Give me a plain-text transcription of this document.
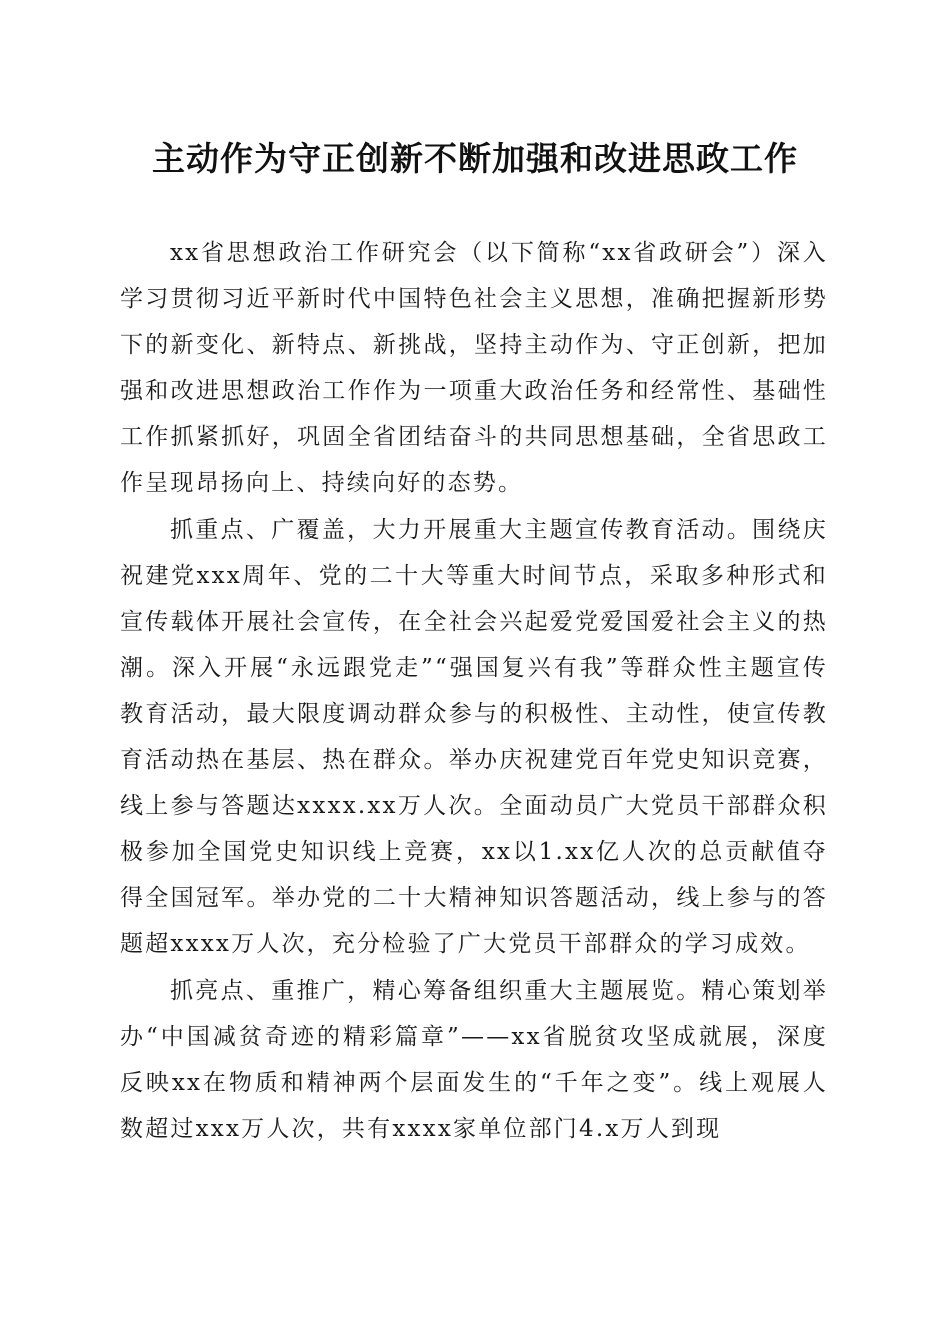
主动作为守正创新不断加强和改进思政工作

xx省思想政治工作研究会（以下简称“xx省政研会”）深入学习贯彻习近平新时代中国特色社会主义思想，准确把握新形势下的新变化、新特点、新挑战，坚持主动作为、守正创新，把加强和改进思想政治工作作为一项重大政治任务和经常性、基础性工作抓紧抓好，巩固全省团结奋斗的共同思想基础，全省思政工作呈现昂扬向上、持续向好的态势。

抓重点、广覆盖，大力开展重大主题宣传教育活动。围绕庆祝建党xxx周年、党的二十大等重大时间节点，采取多种形式和宣传载体开展社会宣传，在全社会兴起爱党爱国爱社会主义的热潮。深入开展“永远跟党走”“强国复兴有我”等群众性主题宣传教育活动，最大限度调动群众参与的积极性、主动性，使宣传教育活动热在基层、热在群众。举办庆祝建党百年党史知识竞赛，线上参与答题达xxxx.xx万人次。全面动员广大党员干部群众积极参加全国党史知识线上竞赛，xx以1.xx亿人次的总贡献值夺得全国冠军。举办党的二十大精神知识答题活动，线上参与的答题超xxxx万人次，充分检验了广大党员干部群众的学习成效。

抓亮点、重推广，精心筹备组织重大主题展览。精心策划举办“中国减贫奇迹的精彩篇章”——xx省脱贫攻坚成就展，深度反映xx在物质和精神两个层面发生的“千年之变”。线上观展人数超过xxx万人次，共有xxxx家单位部门4.x万人到现
